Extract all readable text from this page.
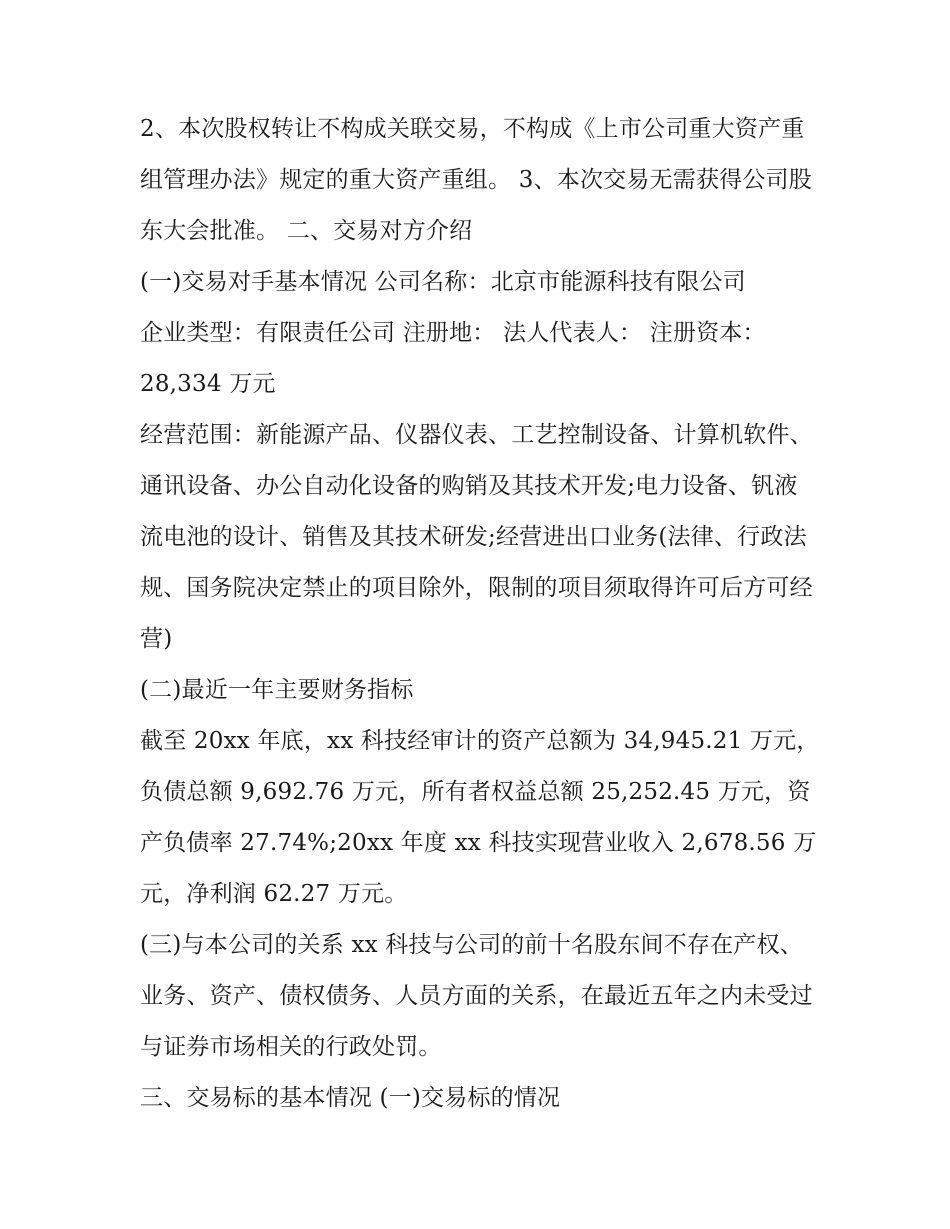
2、本次股权转让不构成关联交易，不构成《上市公司重大资产重组管理办法》规定的重大资产重组。 3、本次交易无需获得公司股东大会批准。 二、交易对方介绍

(一)交易对手基本情况 公司名称：北京市能源科技有限公司

企业类型：有限责任公司 注册地： 法人代表人： 注册资本：28,334 万元

经营范围：新能源产品、仪器仪表、工艺控制设备、计算机软件、通讯设备、办公自动化设备的购销及其技术开发;电力设备、钒液流电池的设计、销售及其技术研发;经营进出口业务(法律、行政法规、国务院决定禁止的项目除外，限制的项目须取得许可后方可经营)

(二)最近一年主要财务指标

截至 20xx 年底，xx 科技经审计的资产总额为 34,945.21 万元，负债总额 9,692.76 万元，所有者权益总额 25,252.45 万元，资产负债率 27.74%;20xx 年度 xx 科技实现营业收入 2,678.56 万元，净利润 62.27 万元。

(三)与本公司的关系 xx 科技与公司的前十名股东间不存在产权、业务、资产、债权债务、人员方面的关系，在最近五年之内未受过与证券市场相关的行政处罚。

三、交易标的基本情况 (一)交易标的情况
